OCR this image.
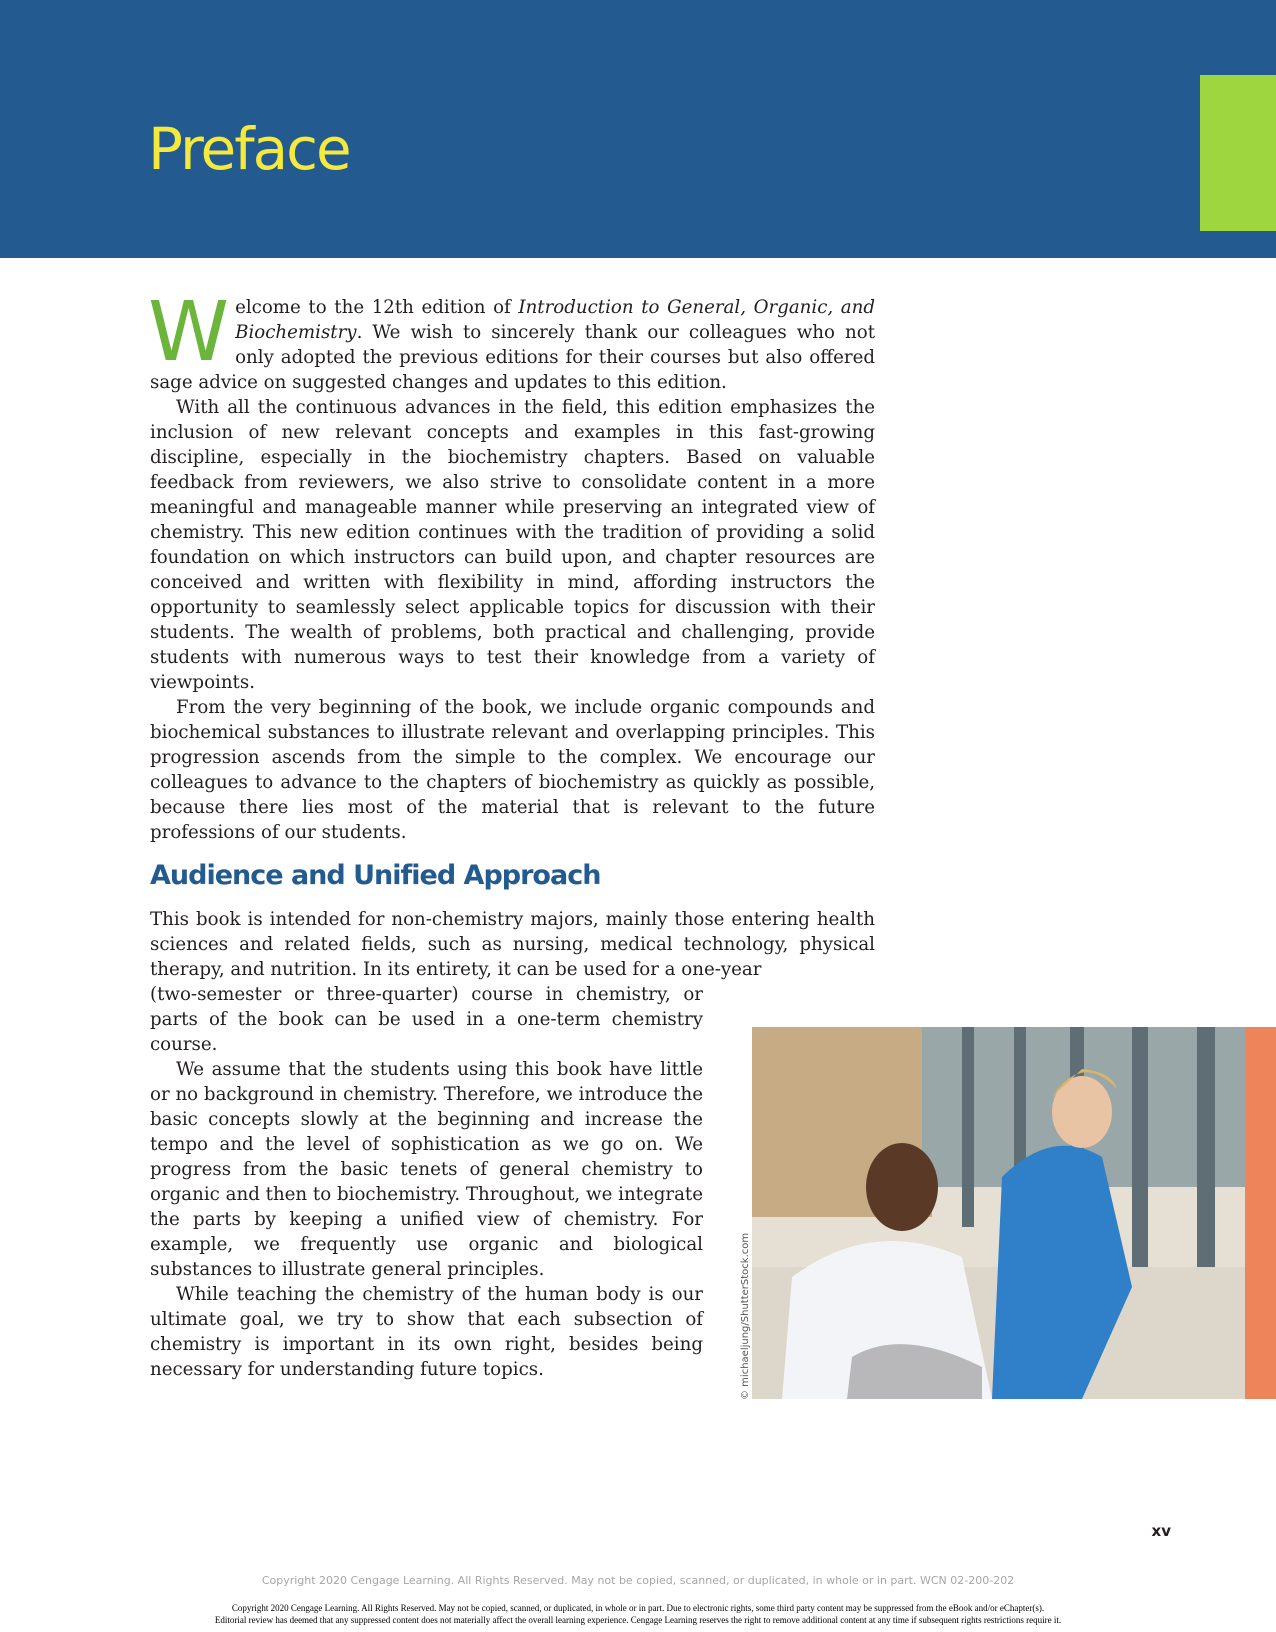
Preface

Welcome to the 12th edition of Introduction to General, Organic, and Biochemistry. We wish to sincerely thank our colleagues who not only adopted the previous editions for their courses but also offered sage advice on suggested changes and updates to this edition.

With all the continuous advances in the field, this edition emphasizes the inclusion of new relevant concepts and examples in this fast-growing discipline, especially in the biochemistry chapters. Based on valuable feedback from reviewers, we also strive to consolidate content in a more meaningful and manageable manner while preserving an integrated view of chemistry. This new edition continues with the tradition of providing a solid foundation on which instructors can build upon, and chapter resources are conceived and written with flexibility in mind, affording instructors the opportunity to seamlessly select applicable topics for discussion with their students. The wealth of problems, both practical and challenging, provide students with numerous ways to test their knowledge from a variety of viewpoints.

From the very beginning of the book, we include organic compounds and biochemical substances to illustrate relevant and overlapping principles. This progression ascends from the simple to the complex. We encourage our colleagues to advance to the chapters of biochemistry as quickly as possible, because there lies most of the material that is relevant to the future professions of our students.

Audience and Unified Approach

This book is intended for non-chemistry majors, mainly those entering health sciences and related fields, such as nursing, medical technology, physical therapy, and nutrition. In its entirety, it can be used for a one-year

(two-semester or three-quarter) course in chemistry, or parts of the book can be used in a one-term chemistry course.

We assume that the students using this book have little or no background in chemistry. Therefore, we introduce the basic concepts slowly at the beginning and increase the tempo and the level of sophistication as we go on. We progress from the basic tenets of general chemistry to organic and then to biochemistry. Throughout, we integrate the parts by keeping a unified view of chemistry. For example, we frequently use organic and biological substances to illustrate general principles.

While teaching the chemistry of the human body is our ultimate goal, we try to show that each subsection of chemistry is important in its own right, besides being necessary for understanding future topics.	© michaeljung/ShutterStock.com
xv
Copyright 2020 Cengage Learning. All Rights Reserved. May not be copied, scanned, or duplicated, in whole or in part. WCN 02-200-202
Copyright 2020 Cengage Learning. All Rights Reserved. May not be copied, scanned, or duplicated, in whole or in part. Due to electronic rights, some third party content may be suppressed from the eBook and/or eChapter(s).
Editorial review has deemed that any suppressed content does not materially affect the overall learning experience. Cengage Learning reserves the right to remove additional content at any time if subsequent rights restrictions require it.
